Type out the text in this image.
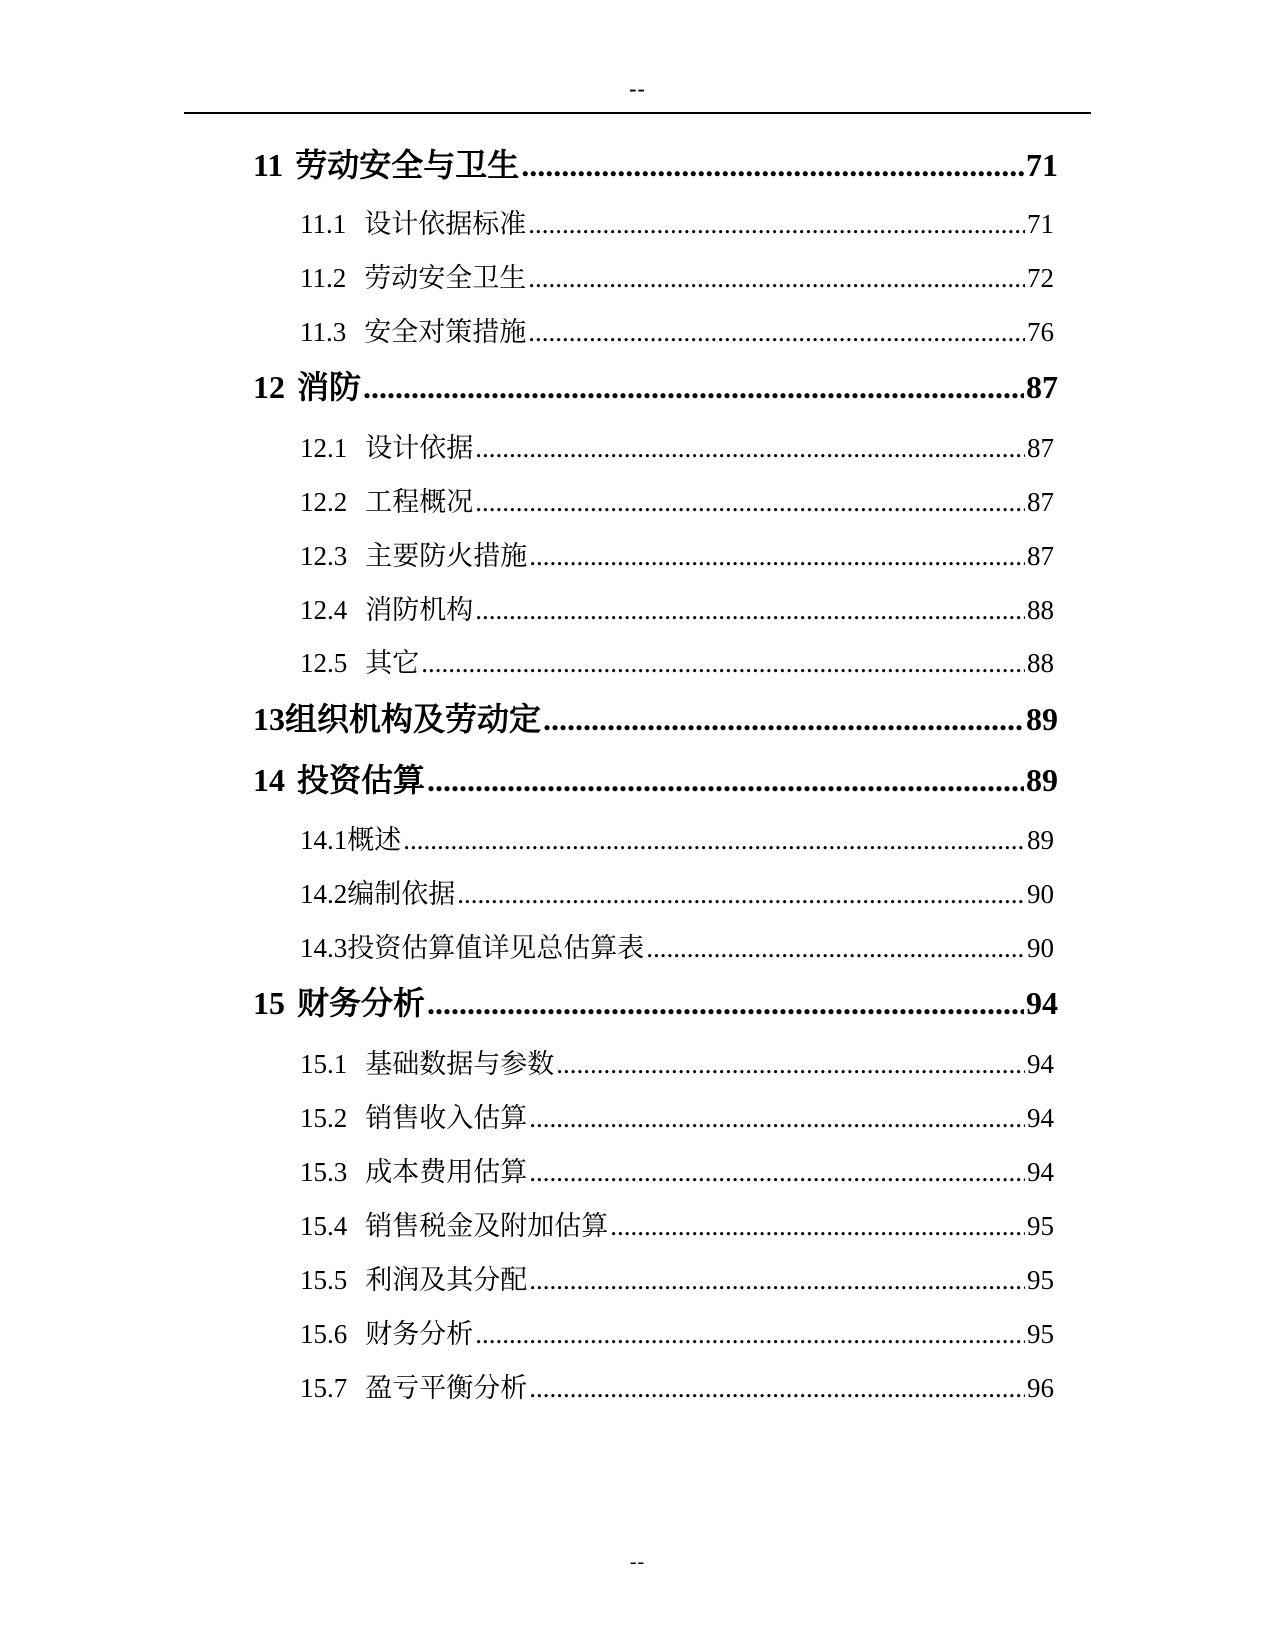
--
11 劳动安全与卫生 .....	71
11.1 设计依据标准 .....	71
11.2 劳动安全卫生 .....	72
11.3 安全对策措施 .....	76
12 消防 .....	87
12.1 设计依据 .....	87
12.2 工程概况 .....	87
12.3 主要防火措施 .....	87
12.4 消防机构 .....	88
12.5 其它 .....	88
13 组织机构及劳动定 .....	89
14 投资估算 .....	89
14.1 概述 .....	89
14.2 编制依据 .....	90
14.3 投资估算值详见总估算表 .....	90
15 财务分析 .....	94
15.1 基础数据与参数 .....	94
15.2 销售收入估算 .....	94
15.3 成本费用估算 .....	94
15.4 销售税金及附加估算 .....	95
15.5 利润及其分配 .....	95
15.6 财务分析 .....	95
15.7 盈亏平衡分析 .....	96
--
